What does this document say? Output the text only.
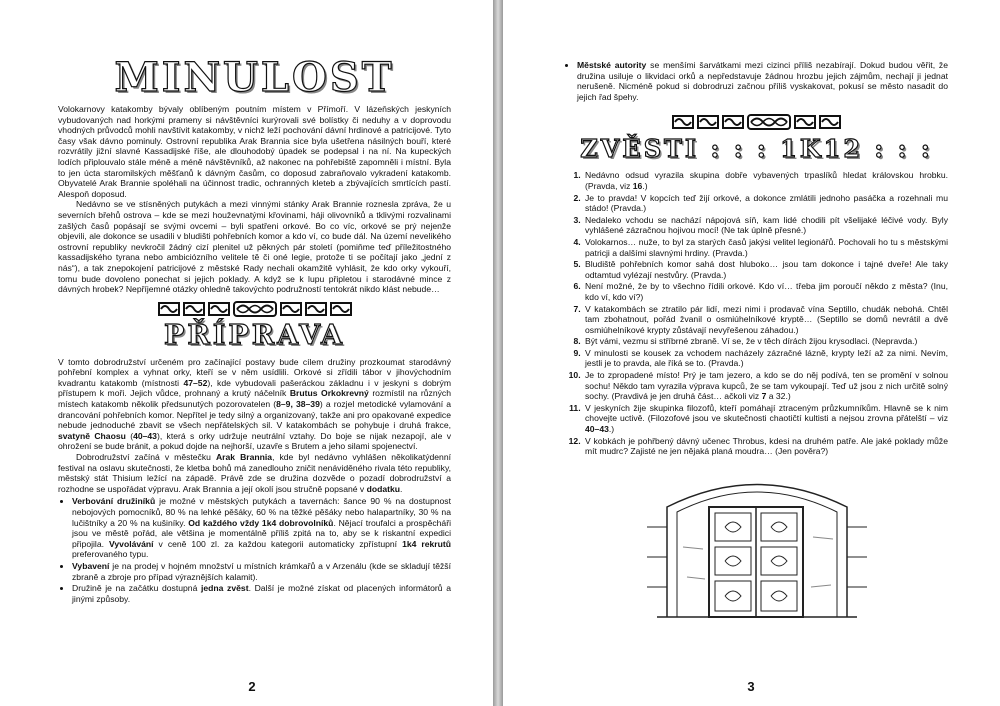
MINULOST

Volokarnovy katakomby bývaly oblíbeným poutním místem v Přímoří. V lázeňských jeskyních vybudovaných nad horkými prameny si návštěvníci kurýrovali své bolístky či neduhy a v doprovodu vhodných průvodců mohli navštívit katakomby, v nichž leží pochování dávní hrdinové a patricijové. Tyto časy však dávno pominuly. Ostrovní republika Arak Brannia sice byla ušetřena násilných bouří, které rozvrátily jižní slavné Kassadijské říše, ale dlouhodobý úpadek se podepsal i na ní. Na kupeckých lodích připlouvalo stále méně a méně návštěvníků, až nakonec na pohřebiště zapomněli i místní. Byla to jen úcta staromilských měšťanů k dávným časům, co doposud zabraňovalo vykradení katakomb. Obyvatelé Arak Brannie spoléhali na účinnost tradic, ochranných kleteb a zbývajících smrtících pastí. Alespoň doposud.

Nedávno se ve stísněných putykách a mezi vinnými stánky Arak Brannie roznesla zpráva, že u severních břehů ostrova – kde se mezi houževnatými křovinami, háji olivovníků a tklivými rozvalinami zašlých časů popásají se svými ovcemi – byli spatřeni orkové. Bo co víc, orkové se prý nejenže objevili, ale dokonce se usadili v bludišti pohřebních komor a kdo ví, co bude dál. Na území nevelikého ostrovní republiky nevkročil žádný cizí plenitel už pěkných pár století (pomiňme teď příležitostného kassadijského tyrana nebo ambiciózního velitele tě či oné legie, protože ti se počítají jako „jední z nás“), a tak znepokojení patricijové z městské Rady nechali okamžitě vyhlásit, že kdo orky vykouří, tomu bude dovoleno ponechat si jejich poklady. A když se k lupu připletou i starodávné mince z dávných hrobek? Nepříjemné otázky ohledně takovýchto podružností tentokrát nikdo klást nebude…

PŘÍPRAVA

V tomto dobrodružství určeném pro začínající postavy bude cílem družiny prozkoumat starodávný pohřební komplex a vyhnat orky, kteří se v něm usídlili. Orkové si zřídili tábor v jihovýchodním kvadrantu katakomb (místnosti 47–52), kde vybudovali pašeráckou základnu i v jeskyni s dobrým přístupem k moři. Jejich vůdce, prohnaný a krutý náčelník Brutus Orkokrevný rozmístil na různých místech katakomb několik předsunutých pozorovatelen (8–9, 38–39) a rozjel metodické vylamování a drancování pohřebních komor. Nepřítel je tedy silný a organizovaný, takže ani pro opakované expedice nebude jednoduché zbavit se všech nepřátelských sil. V katakombách se pohybuje i druhá frakce, svatyně Chaosu (40–43), která s orky udržuje neutrální vztahy. Do boje se nijak nezapojí, ale v ohrožení se bude bránit, a pokud dojde na nejhorší, uzavře s Brutem a jeho silami spojenectví.

Dobrodružství začíná v městečku Arak Brannia, kde byl nedávno vyhlášen několikatýdenní festival na oslavu skutečnosti, že kletba bohů má zanedlouho zničit nenáviděného rivala této republiky, městský stát Thisium ležící na západě. Právě zde se družina dozvěde o pozadí dobrodružství a rozhodne se uspořádat výpravu. Arak Brannia a její okolí jsou stručně popsané v dodatku.

• Verbování družiníků je možné v městských putykách a tavernách: šance 90 % na dostupnost nebojových pomocníků, 80 % na lehké pěšáky, 60 % na těžké pěšáky nebo halapartníky, 30 % na lučištníky a 20 % na kušiníky. Od každého vždy 1k4 dobrovolníků. Nějací troufalci a prospěcháři jsou ve městě pořád, ale většina je momentálně příliš zpitá na to, aby se k riskantní expedici připojila. Vyvolávání v ceně 100 zl. za každou kategorii automaticky zpřístupní 1k4 rekrutů preferovaného typu.
• Vybavení je na prodej v hojném množství u místních krámkařů a v Arzenálu (kde se skladují těžší zbraně a zbroje pro případ výraznějších kalamit).
• Družině je na začátku dostupná jedna zvěst. Další je možné získat od placených informátorů a jinými způsoby.
2
• Městské autority se menšími šarvátkami mezi cizinci příliš nezabírají. Dokud budou věřit, že družina usiluje o likvidaci orků a nepředstavuje žádnou hrozbu jejich zájmům, nechají ji jednat nerušeně. Nicméně pokud si dobrodruzi začnou příliš vyskakovat, pokusí se město nasadit do jejich řad špehy.
ZVĚSTI : : : 1K12 : : :
1. Nedávno odsud vyrazila skupina dobře vybavených trpaslíků hledat královskou hrobku. (Pravda, viz 16.)
2. Je to pravda! V kopcích teď žijí orkové, a dokonce zmlátili jednoho pasáčka a rozehnali mu stádo! (Pravda.)
3. Nedaleko vchodu se nachází nápojová síň, kam lidé chodili pít všelijaké léčivé vody. Byly vyhlášené zázračnou hojivou mocí! (Ne tak úplně přesné.)
4. Volokarnos… nuže, to byl za starých časů jakýsi velitel legionářů. Pochovali ho tu s městskými patricji a dalšími slavnými hrdiny. (Pravda.)
5. Bludiště pohřebních komor sahá dost hluboko… jsou tam dokonce i tajné dveře! Ale taky odtamtud vylézají nestvůry. (Pravda.)
6. Není možné, že by to všechno řídili orkové. Kdo ví… třeba jim poroučí někdo z města? (Inu, kdo ví, kdo ví?)
7. V katakombách se ztratilo pár lidí, mezi nimi i prodavač vína Septillo, chudák nebohá. Chtěl tam zbohatnout, pořád žvanil o osmiúhelníkové kryptě… (Septillo se domů nevrátil a dvě osmiúhelníkové krypty zůstávají nevyřešenou záhadou.)
8. Být vámi, vezmu si stříbrné zbraně. Ví se, že v těch dírách žijou krysodlaci. (Nepravda.)
9. V minulosti se kousek za vchodem nacházely zázračné lázně, krypty leží až za nimi. Nevím, jestli je to pravda, ale říká se to. (Pravda.)
10. Je to zpropadené místo! Prý je tam jezero, a kdo se do něj podívá, ten se promění v solnou sochu! Někdo tam vyrazila výprava kupců, že se tam vykoupají. Teď už jsou z nich určitě solný sochy. (Pravdivá je jen druhá část… ačkoli viz 7 a 32.)
11. V jeskyních žije skupinka filozofů, kteří pomáhají ztraceným průzkumníkům. Hlavně se k nim chovejte uctivě. (Filozofové jsou ve skutečnosti chaotičtí kultisti a nejsou zrovna přátelští – viz 40–43.)
12. V kobkách je pohřbený dávný učenec Throbus, kdesi na druhém patře. Ale jaké poklady může mít mudrc? Zajisté ne jen nějaká planá moudra… (Jen pověra?)
3
